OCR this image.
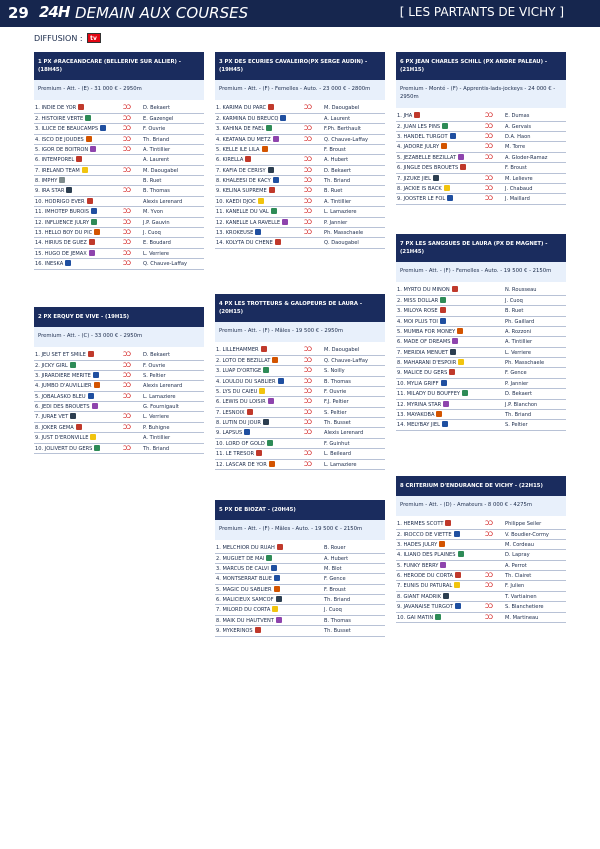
29 24H DEMAIN AUX COURSES	[ LES PARTANTS DE VICHY ]
DIFFUSION :	tv
1 PX #RACEANDCARE (BELLERIVE SUR ALLIER) - (18H45)
Premium - Att. - (E) - 31 000 € - 2950m
1. INDIE DE YOR	ƆƆ D. Bekaert
2. HISTOIRE VERTE	ƆƆ E. Gazengel
3. ILUCE DE BEAUCAMPS	ƆƆ F. Ouvrie
4. ISCO DE JOUDES	ƆƆ Th. Briand
5. IGOR DE BOITRON	ƆƆ A. Tintillier
6. INTEMPOREL	A. Laurent
7. IRELAND TEAM	ƆƆ M. Daougabel
8. IMPHY	B. Ruet
9. IRA STAR	ƆƆ B. Thomas
10. HODRIGO EVER	Alexis Lerenard
11. IMHOTEP BUROIS	ƆƆ M. Yvon
12. INFLUENCE JULRY	ƆƆ J.P. Gauvin
13. HELLO BOY DU PIC	ƆƆ J. Cuoq
14. HIRIUS DE GUEZ	ƆƆ E. Boudard
15. HUGO DE JEMAX	ƆƆ L. Verriere
16. INESKA	ƆƆ Q. Chauve-Laffay
2 PX ERQUY DE VIVE - (19H15)
Premium - Att. - (C) - 33 000 € - 2950m
1. JEU SET ET SMILE	ƆƆ D. Bekaert
2. JICKY GIRL	ƆƆ F. Ouvrie
3. JIRARDIERE MERITE	ƆƆ S. Peltier
4. JUMBO D'AUVILLIER	ƆƆ Alexis Lerenard
5. JOBALASKO BLEU	ƆƆ L. Lamaziere
6. JEDI DES BROUETS	G. Fournigault
7. JURAE VET	ƆƆ L. Verriere
8. JOKER GEMA	ƆƆ P. Buhigne
9. JUST D'ERONVILLE	A. Tintillier
10. JOLIVERT DU GERS	ƆƆ Th. Briand
3 PX DES ECURIES CAVALEIRO(PX SERGE AUDIN) - (19H45)
Premium - Att. - (F) - Femelles - Auto. - 23 000 € - 2800m
1. KARIMA DU PARC	ƆƆ M. Daougabel
2. KARMINA DU BREUCQ	A. Laurent
3. KAHINA DE FAEL	ƆƆ F.Ph. Berthault
4. KEATANA DU METZ	ƆƆ Q. Chauve-Laffay
5. KELLE ILE LILA	F. Broust
6. KIRELLA	ƆƆ A. Hubert
7. KAFIA DE CERISY	ƆƆ D. Bekaert
8. KHALEESI DE KACY	ƆƆ Th. Briand
9. KELINA SUPREME	ƆƆ B. Ruet
10. KAEDI DJOC	ƆƆ A. Tintillier
11. KANELLE DU VAL	ƆƆ L. Lamaziere
12. KANELLE LA RAVELLE	ƆƆ P. Jannier
13. KROKEUSE	ƆƆ Ph. Masschaele
14. KOLYTA DU CHENE	Q. Daougabel
4 PX LES TROTTEURS & GALOPEURS DE LAURA - (20H15)
Premium - Att. - (F) - Mâles - 19 500 € - 2950m
1. LILLEHAMMER	ƆƆ M. Daougabel
2. LOTO DE BEZILLAT	ƆƆ Q. Chauve-Laffay
3. LUAP D'ORTIGE	ƆƆ S. Noilly
4. LOULOU DU SABLIER	ƆƆ B. Thomas
5. LYS DU CAIEU	ƆƆ F. Ouvrie
6. LEWIS DU LOISIR	ƆƆ F.J. Peltier
7. LESNOIX	ƆƆ S. Peltier
8. LUTIN DU JOUR	ƆƆ Th. Busset
9. LAPSUS	ƆƆ Alexis Lerenard
10. LORD OF GOLD	F. Guinhut
11. LE TRESOR	ƆƆ L. Beileard
12. LASCAR DE YOR	ƆƆ L. Lamaziere
5 PX DE BIOZAT - (20H45)
Premium - Att. - (F) - Mâles - Auto. - 19 500 € - 2150m
1. MELCHIOR DU RUAH	B. Rouer
2. MUGUET DE MAI	A. Hubert
3. MARCUS DE CALVI	M. Blot
4. MONTSERRAT BLUE	F. Gence
5. MAGIC DU SABLIER	F. Broust
6. MALICIEUX SAMCOF	Th. Briand
7. MILORD DU CORTA	J. Cuoq
8. MAIK DU HAUTVENT	B. Thomas
9. MYKERINOS	Th. Busset
6 PX JEAN CHARLES SCHILL (PX ANDRE PALEAU) - (21H15)
Premium - Monté - (F) - Apprentis-lads-jockeys - 24 000 € - 2950m
1. JHA	ƆƆ E. Dumas
2. JUAN LES PINS	ƆƆ A. Gervais
3. HANDEL TURGOT	ƆƆ D.A. Haon
4. JADORE JULRY	ƆƆ M. Torre
5. JEZABELLE BEZILLAT	ƆƆ A. Gloder-Ramaz
6. JINGLE DES BROUETS	F. Broust
7. JIZUKE JIEL	ƆƆ M. Lelievre
8. JACKIE IS BACK	ƆƆ J. Chabaud
9. JOOSTER LE FOL	ƆƆ J. Maillard
7 PX LES SANGSUES DE LAURA (PX DE MAGNET) - (21H45)
Premium - Att. - (F) - Femelles - Auto. - 19 500 € - 2150m
1. MYRTO DU MINON	N. Rousseau
2. MISS DOLLAR	J. Cuoq
3. MILOYA ROSE	B. Ruet
4. MOI PLUS TOI	Ph. Gaillard
5. MUMBA FOR MONEY	A. Rozzoni
6. MADE OF DREAMS	A. Tintillier
7. MERIDIA MENUET	L. Verriere
8. MAHARANI D'ESPOIR	Ph. Masschaele
9. MALICE DU GERS	F. Gence
10. MYLIA GRIFF	P. Jannier
11. MILADY DU BOUFFEY	D. Bekaert
12. MYRINA STAR	J.P. Blanchon
13. MAYAKOBA	Th. Briand
14. MELYBAY JIEL	S. Peltier
8 CRITERIUM D'ENDURANCE DE VICHY - (22H15)
Premium - Att. - (D) - Amateurs - 8 000 € - 4275m
1. HERMES SCOTT	ƆƆ Philippe Seiler
2. IROCCO DE VIETTE	ƆƆ V. Boudier-Cormy
3. HADES JULRY	M. Cordeau
4. ILIANO DES PLAINES	D. Lapray
5. FUNKY BERRY	A. Perrot
6. HERODE DU CORTA	ƆƆ Th. Clairet
7. EUNIS DU PATURAL	ƆƆ F. Julien
8. GIANT MADRIK	T. Vartiainen
9. JAVANAISE TURGOT	ƆƆ S. Blanchetiere
10. GAI MATIN	ƆƆ M. Martineau
